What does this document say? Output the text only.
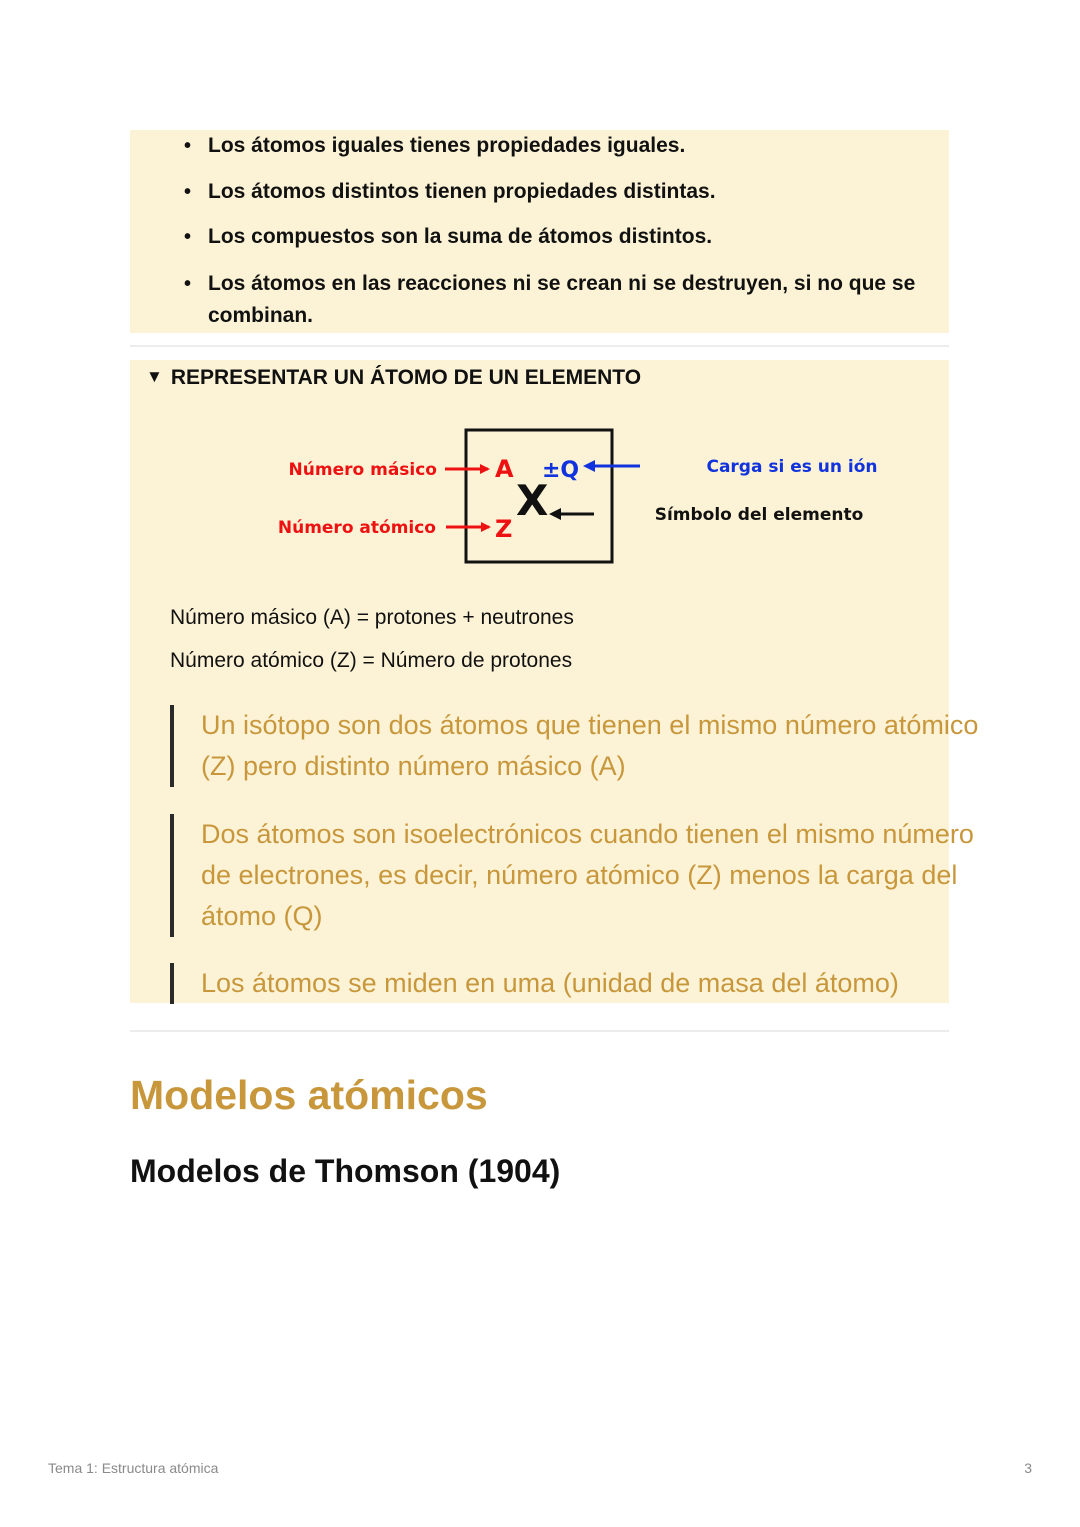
• Los átomos iguales tienes propiedades iguales.
• Los átomos distintos tienen propiedades distintas.
• Los compuestos son la suma de átomos distintos.
• Los átomos en las reacciones ni se crean ni se destruyen, si no que se combinan.
▼ REPRESENTAR UN ÁTOMO DE UN ELEMENTO
Número másico
Número atómico
A
Z
X
±Q	Carga si es un ión
Símbolo del elemento
Número másico (A) = protones + neutrones
Número atómico (Z) = Número de protones
Un isótopo son dos átomos que tienen el mismo número atómico (Z) pero distinto número másico (A)
Dos átomos son isoelectrónicos cuando tienen el mismo número de electrones, es decir, número atómico (Z) menos la carga del átomo (Q)
Los átomos se miden en uma (unidad de masa del átomo)
Modelos atómicos
Modelos de Thomson (1904)
Tema 1: Estructura atómica	3
